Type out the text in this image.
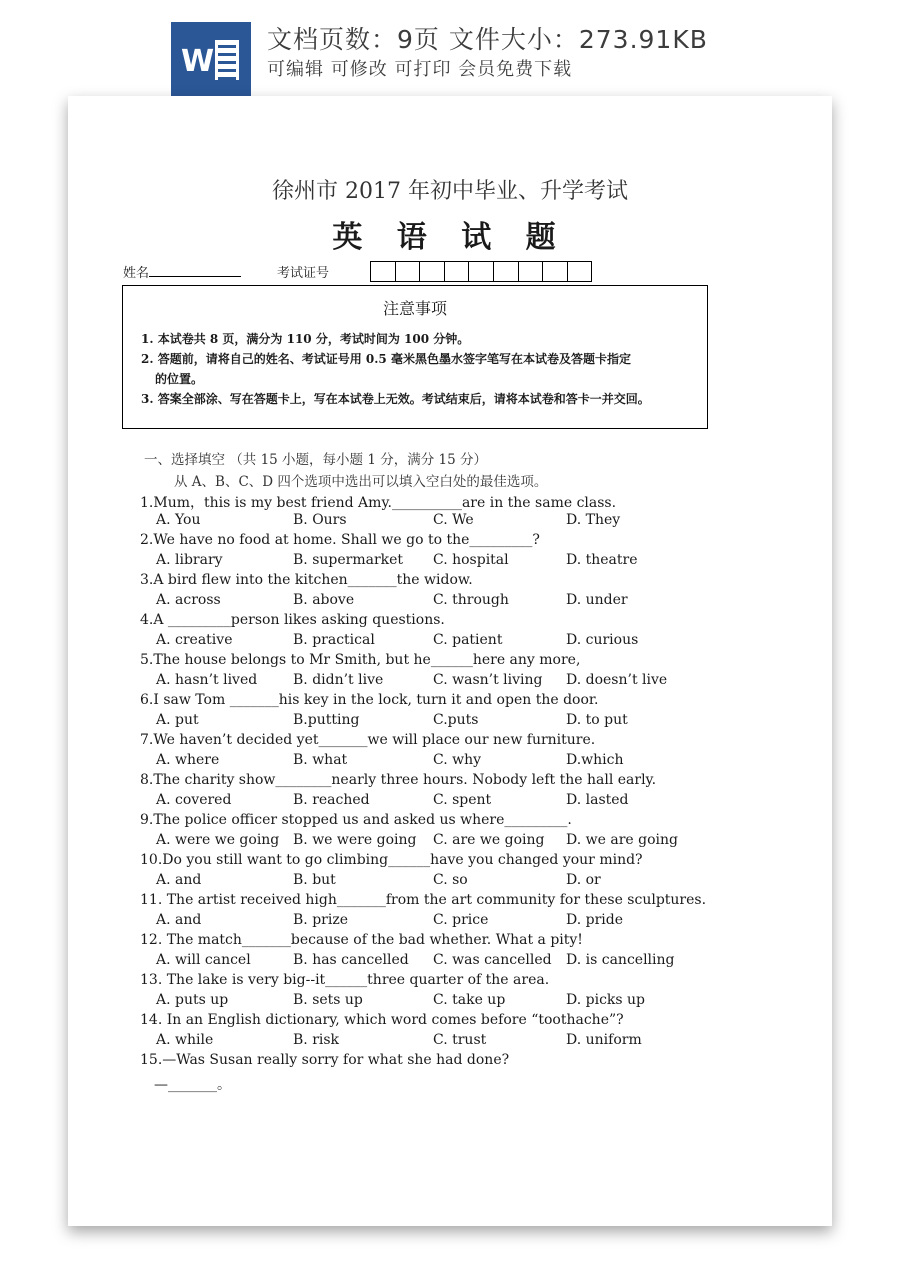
W
文档页数：9页 文件大小：273.91KB
可编辑 可修改 可打印 会员免费下载
徐州市 2017 年初中毕业、升学考试
英 语 试 题
姓名	考试证号
注意事项
1. 本试卷共 8 页，满分为 110 分，考试时间为 100 分钟。
2. 答题前，请将自己的姓名、考试证号用 0.5 毫米黑色墨水签字笔写在本试卷及答题卡指定
的位置。
3. 答案全部涂、写在答题卡上，写在本试卷上无效。考试结束后，请将本试卷和答卡一并交回。
一、选择填空 （共 15 小题，每小题 1 分，满分 15 分）
从 A、B、C、D 四个选项中选出可以填入空白处的最佳选项。
1.Mum，this is my best friend Amy.__________are in the same class.
A. You	B. Ours	C. We	D. They
2.We have no food at home. Shall we go to the_________?
A. library	B. supermarket C. hospital	D. theatre
3.A bird flew into the kitchen_______the widow.
A. across	B. above	C. through	D. under
4.A _________person likes asking questions.
A. creative	B. practical	C. patient	D. curious
5.The house belongs to Mr Smith, but he______here any more,
A. hasn’t lived	B. didn’t live	C. wasn’t living D. doesn’t live
6.I saw Tom _______his key in the lock, turn it and open the door.
A. put	B.putting	C.puts	D. to put
7.We haven’t decided yet_______we will place our new furniture.
A. where	B. what	C. why	D.which
8.The charity show________nearly three hours. Nobody left the hall early.
A. covered	B. reached	C. spent	D. lasted
9.The police officer stopped us and asked us where_________.
A. were we going B. we were going C. are we going D. we are going
10.Do you still want to go climbing______have you changed your mind?
A. and	B. but	C. so	D. or
11. The artist received high_______from the art community for these sculptures.
A. and	B. prize	C. price	D. pride
12. The match_______because of the bad whether. What a pity!
A. will cancel	B. has cancelled C. was cancelled D. is cancelling
13. The lake is very big--it______three quarter of the area.
A. puts up	B. sets up	C. take up	D. picks up
14. In an English dictionary, which word comes before “toothache”?
A. while	B. risk	C. trust	D. uniform
15.—Was Susan really sorry for what she had done?
—_______。
